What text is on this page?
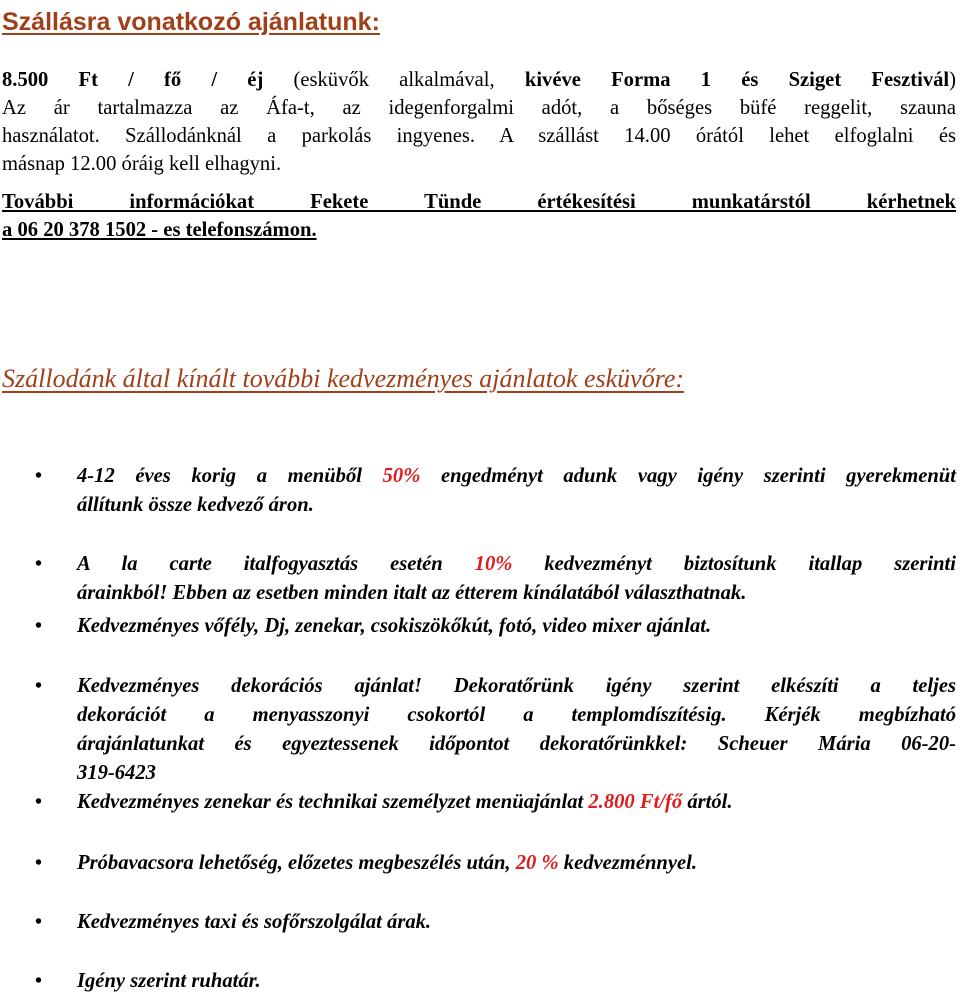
Szállásra vonatkozó ajánlatunk:
8.500 Ft / fő / éj (esküvők alkalmával, kivéve Forma 1 és Sziget Fesztivál)
Az ár tartalmazza az Áfa-t, az idegenforgalmi adót, a bőséges büfé reggelit, szauna
használatot. Szállodánknál a parkolás ingyenes. A szállást 14.00 órától lehet elfoglalni és
másnap 12.00 óráig kell elhagyni.
További információkat Fekete Tünde értékesítési munkatárstól kérhetnek
a 06 20 378 1502 - es telefonszámon.
Szállodánk által kínált további kedvezményes ajánlatok esküvőre:
• 4-12 éves korig a menüből 50% engedményt adunk vagy igény szerinti gyerekmenüt
állítunk össze kedvező áron.
• A la carte italfogyasztás esetén 10% kedvezményt biztosítunk itallap szerinti
árainkból! Ebben az esetben minden italt az étterem kínálatából választhatnak.
• Kedvezményes vőfély, Dj, zenekar, csokiszökőkút, fotó, video mixer ajánlat.
• Kedvezményes dekorációs ajánlat! Dekoratőrünk igény szerint elkészíti a teljes
dekorációt a menyasszonyi csokortól a templomdíszítésig. Kérjék megbízható
árajánlatunkat és egyeztessenek időpontot dekoratőrünkkel: Scheuer Mária 06-20-
319-6423
• Kedvezményes zenekar és technikai személyzet menüajánlat 2.800 Ft/fő ártól.
• Próbavacsora lehetőség, előzetes megbeszélés után, 20 % kedvezménnyel.
• Kedvezményes taxi és sofőrszolgálat árak.
• Igény szerint ruhatár.
